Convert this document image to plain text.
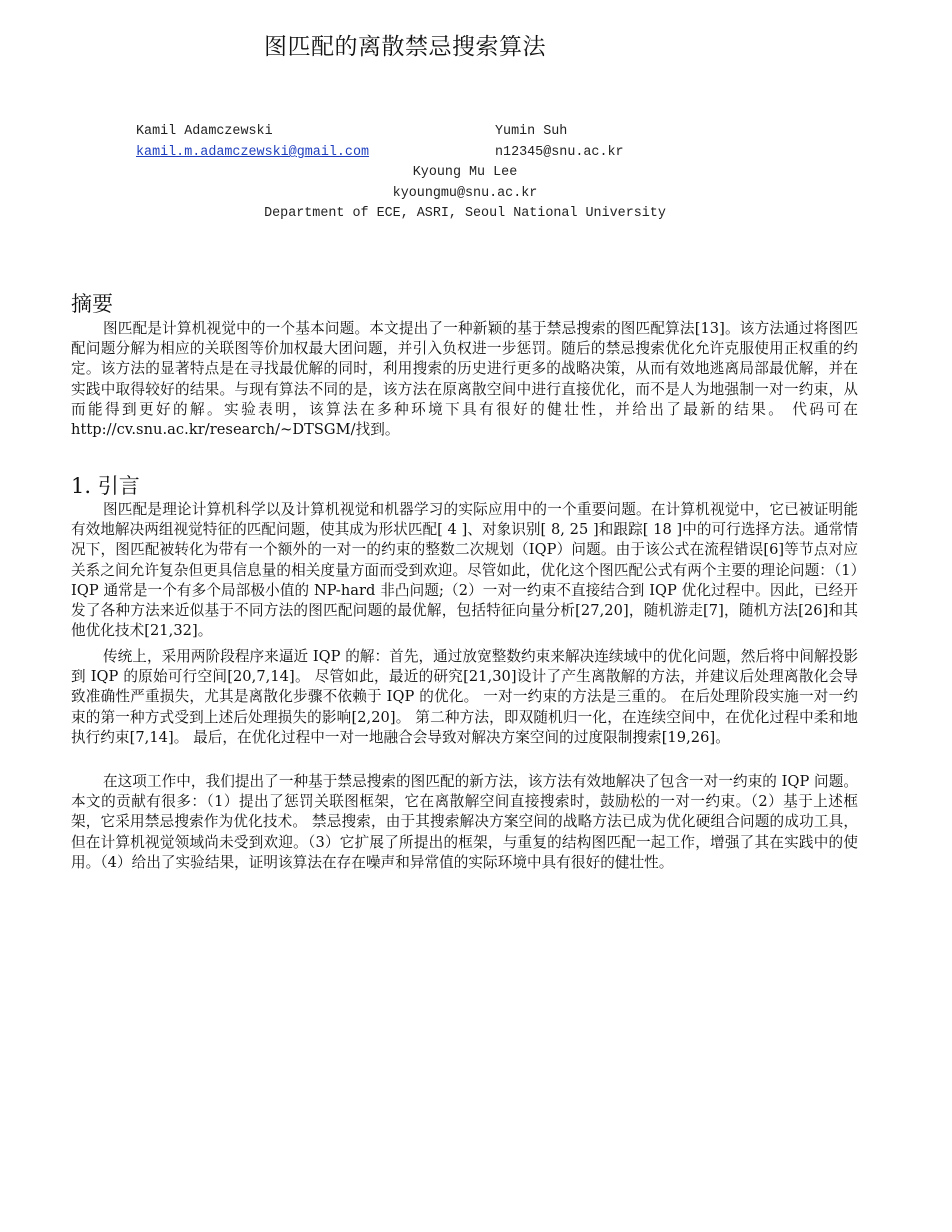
图匹配的离散禁忌搜索算法
Kamil Adamczewski
kamil.m.adamczewski@gmail.com
Yumin Suh
n12345@snu.ac.kr
Kyoung Mu Lee
kyoungmu@snu.ac.kr
Department of ECE, ASRI, Seoul National University
摘要

图匹配是计算机视觉中的一个基本问题。本文提出了一种新颖的基于禁忌搜索的图匹配算法[13]。该方法通过将图匹配问题分解为相应的关联图等价加权最大团问题，并引入负权进一步惩罚。随后的禁忌搜索优化允许克服使用正权重的约定。该方法的显著特点是在寻找最优解的同时，利用搜索的历史进行更多的战略决策，从而有效地逃离局部最优解，并在实践中取得较好的结果。与现有算法不同的是，该方法在原离散空间中进行直接优化，而不是人为地强制一对一约束，从而能得到更好的解。实验表明，该算法在多种环境下具有很好的健壮性，并给出了最新的结果。 代码可在 http://cv.snu.ac.kr/research/~DTSGM/找到。

1. 引言

图匹配是理论计算机科学以及计算机视觉和机器学习的实际应用中的一个重要问题。在计算机视觉中，它已被证明能有效地解决两组视觉特征的匹配问题，使其成为形状匹配[ 4 ]、对象识别[ 8, 25 ]和跟踪[ 18 ]中的可行选择方法。通常情况下，图匹配被转化为带有一个额外的一对一的约束的整数二次规划（IQP）问题。由于该公式在流程错误[6]等节点对应关系之间允许复杂但更具信息量的相关度量方面而受到欢迎。尽管如此，优化这个图匹配公式有两个主要的理论问题：（1）IQP 通常是一个有多个局部极小值的 NP-hard 非凸问题;（2）一对一约束不直接结合到 IQP 优化过程中。因此，已经开发了各种方法来近似基于不同方法的图匹配问题的最优解，包括特征向量分析[27,20]，随机游走[7]，随机方法[26]和其他优化技术[21,32]。

传统上，采用两阶段程序来逼近 IQP 的解：首先，通过放宽整数约束来解决连续域中的优化问题，然后将中间解投影到 IQP 的原始可行空间[20,7,14]。 尽管如此，最近的研究[21,30]设计了产生离散解的方法，并建议后处理离散化会导致准确性严重损失，尤其是离散化步骤不依赖于 IQP 的优化。 一对一约束的方法是三重的。 在后处理阶段实施一对一约束的第一种方式受到上述后处理损失的影响[2,20]。 第二种方法，即双随机归一化，在连续空间中，在优化过程中柔和地执行约束[7,14]。 最后，在优化过程中一对一地融合会导致对解决方案空间的过度限制搜索[19,26]。

在这项工作中，我们提出了一种基于禁忌搜索的图匹配的新方法，该方法有效地解决了包含一对一约束的 IQP 问题。本文的贡献有很多：（1）提出了惩罚关联图框架，它在离散解空间直接搜索时，鼓励松的一对一约束。（2）基于上述框架，它采用禁忌搜索作为优化技术。 禁忌搜索，由于其搜索解决方案空间的战略方法已成为优化硬组合问题的成功工具，但在计算机视觉领域尚未受到欢迎。（3）它扩展了所提出的框架，与重复的结构图匹配一起工作，增强了其在实践中的使用。（4）给出了实验结果，证明该算法在存在噪声和异常值的实际环境中具有很好的健壮性。
